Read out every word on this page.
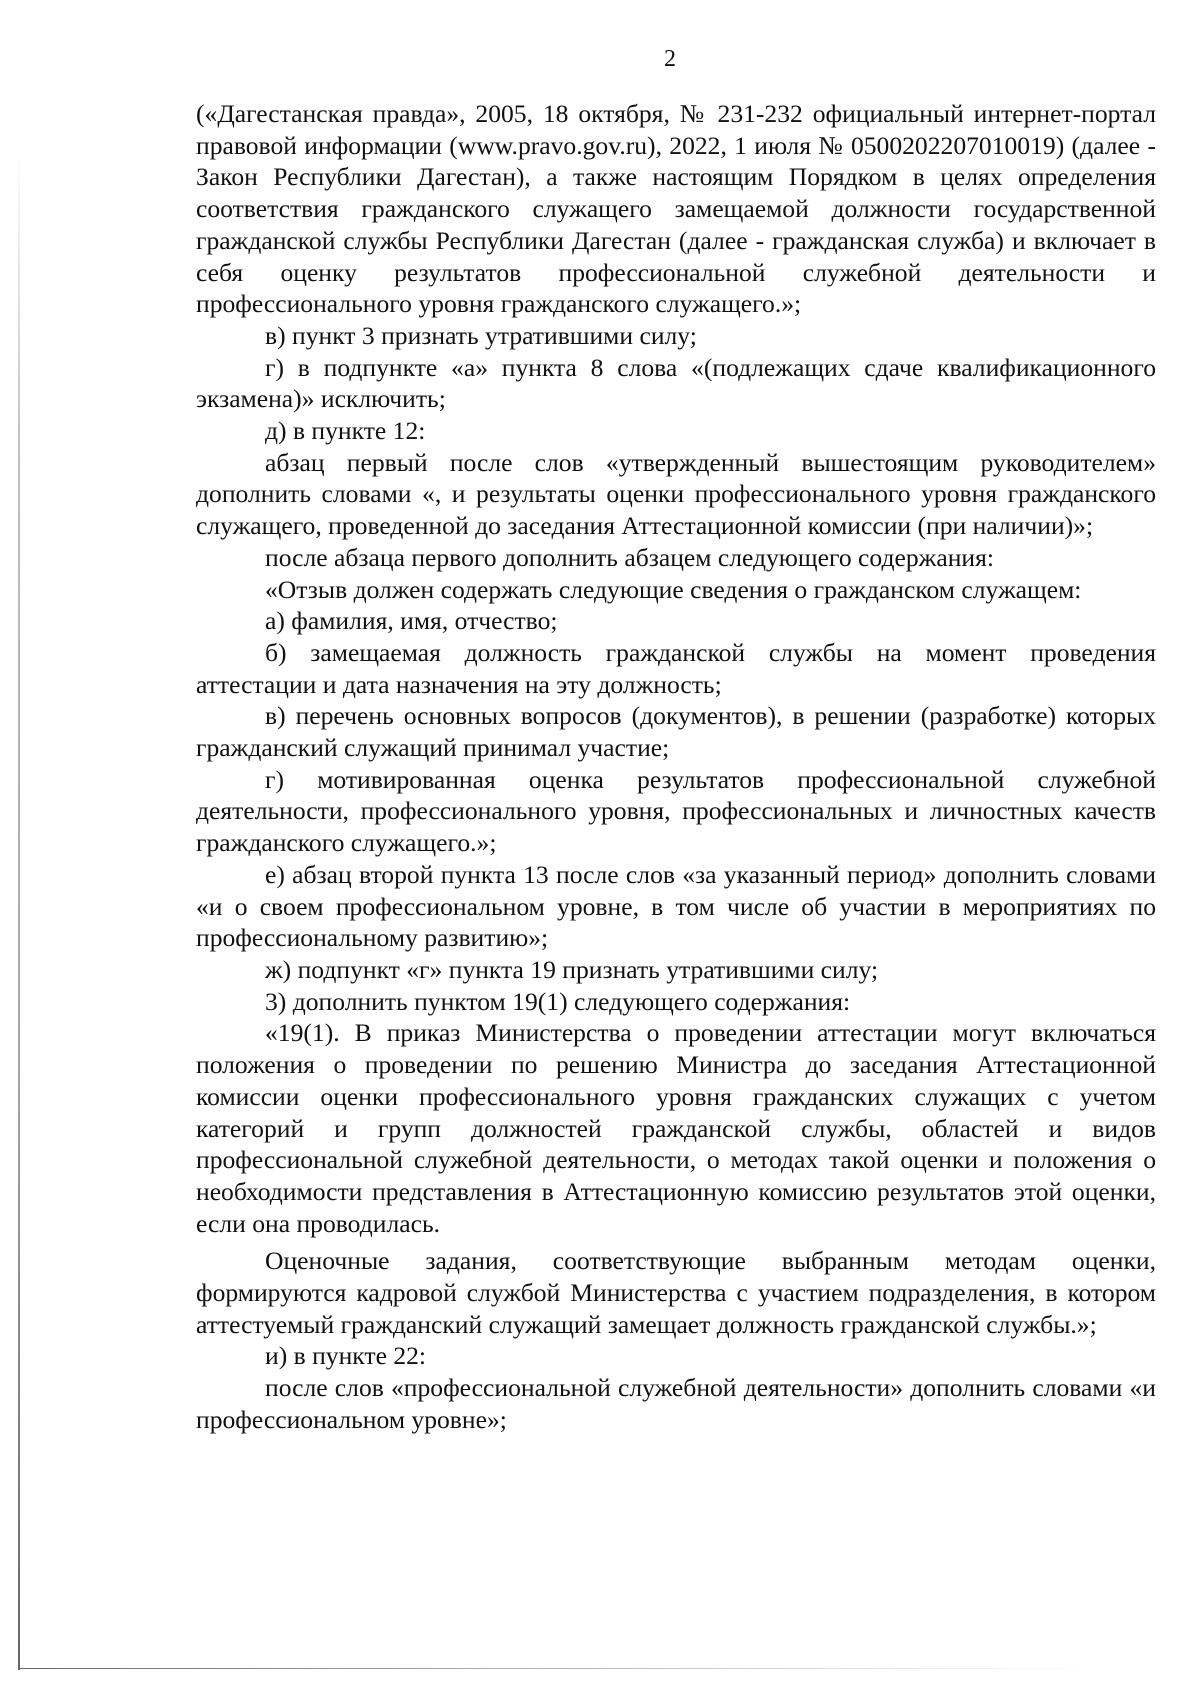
2

(«Дагестанская правда», 2005, 18 октября, № 231-232 официальный интернет-портал правовой информации (www.pravo.gov.ru), 2022, 1 июля № 0500202207010019) (далее - Закон Республики Дагестан), а также настоящим Порядком в целях определения соответствия гражданского служащего замещаемой должности государственной гражданской службы Республики Дагестан (далее - гражданская служба) и включает в себя оценку результатов профессиональной служебной деятельности и профессионального уровня гражданского служащего.»;

в) пункт 3 признать утратившими силу;

г) в подпункте «а» пункта 8 слова «(подлежащих сдаче квалификационного экзамена)» исключить;

д) в пункте 12:

абзац первый после слов «утвержденный вышестоящим руководителем» дополнить словами «, и результаты оценки профессионального уровня гражданского служащего, проведенной до заседания Аттестационной комиссии (при наличии)»;

после абзаца первого дополнить абзацем следующего содержания:

«Отзыв должен содержать следующие сведения о гражданском служащем:

а) фамилия, имя, отчество;

б) замещаемая должность гражданской службы на момент проведения аттестации и дата назначения на эту должность;

в) перечень основных вопросов (документов), в решении (разработке) которых гражданский служащий принимал участие;

г) мотивированная оценка результатов профессиональной служебной деятельности, профессионального уровня, профессиональных и личностных качеств гражданского служащего.»;

е) абзац второй пункта 13 после слов «за указанный период» дополнить словами «и о своем профессиональном уровне, в том числе об участии в мероприятиях по профессиональному развитию»;

ж) подпункт «г» пункта 19 признать утратившими силу;

3) дополнить пунктом 19(1) следующего содержания:

«19(1). В приказ Министерства о проведении аттестации могут включаться положения о проведении по решению Министра до заседания Аттестационной комиссии оценки профессионального уровня гражданских служащих с учетом категорий и групп должностей гражданской службы, областей и видов профессиональной служебной деятельности, о методах такой оценки и положения о необходимости представления в Аттестационную комиссию результатов этой оценки, если она проводилась.

Оценочные задания, соответствующие выбранным методам оценки, формируются кадровой службой Министерства с участием подразделения, в котором аттестуемый гражданский служащий замещает должность гражданской службы.»;

и) в пункте 22:

после слов «профессиональной служебной деятельности» дополнить словами «и профессиональном уровне»;
